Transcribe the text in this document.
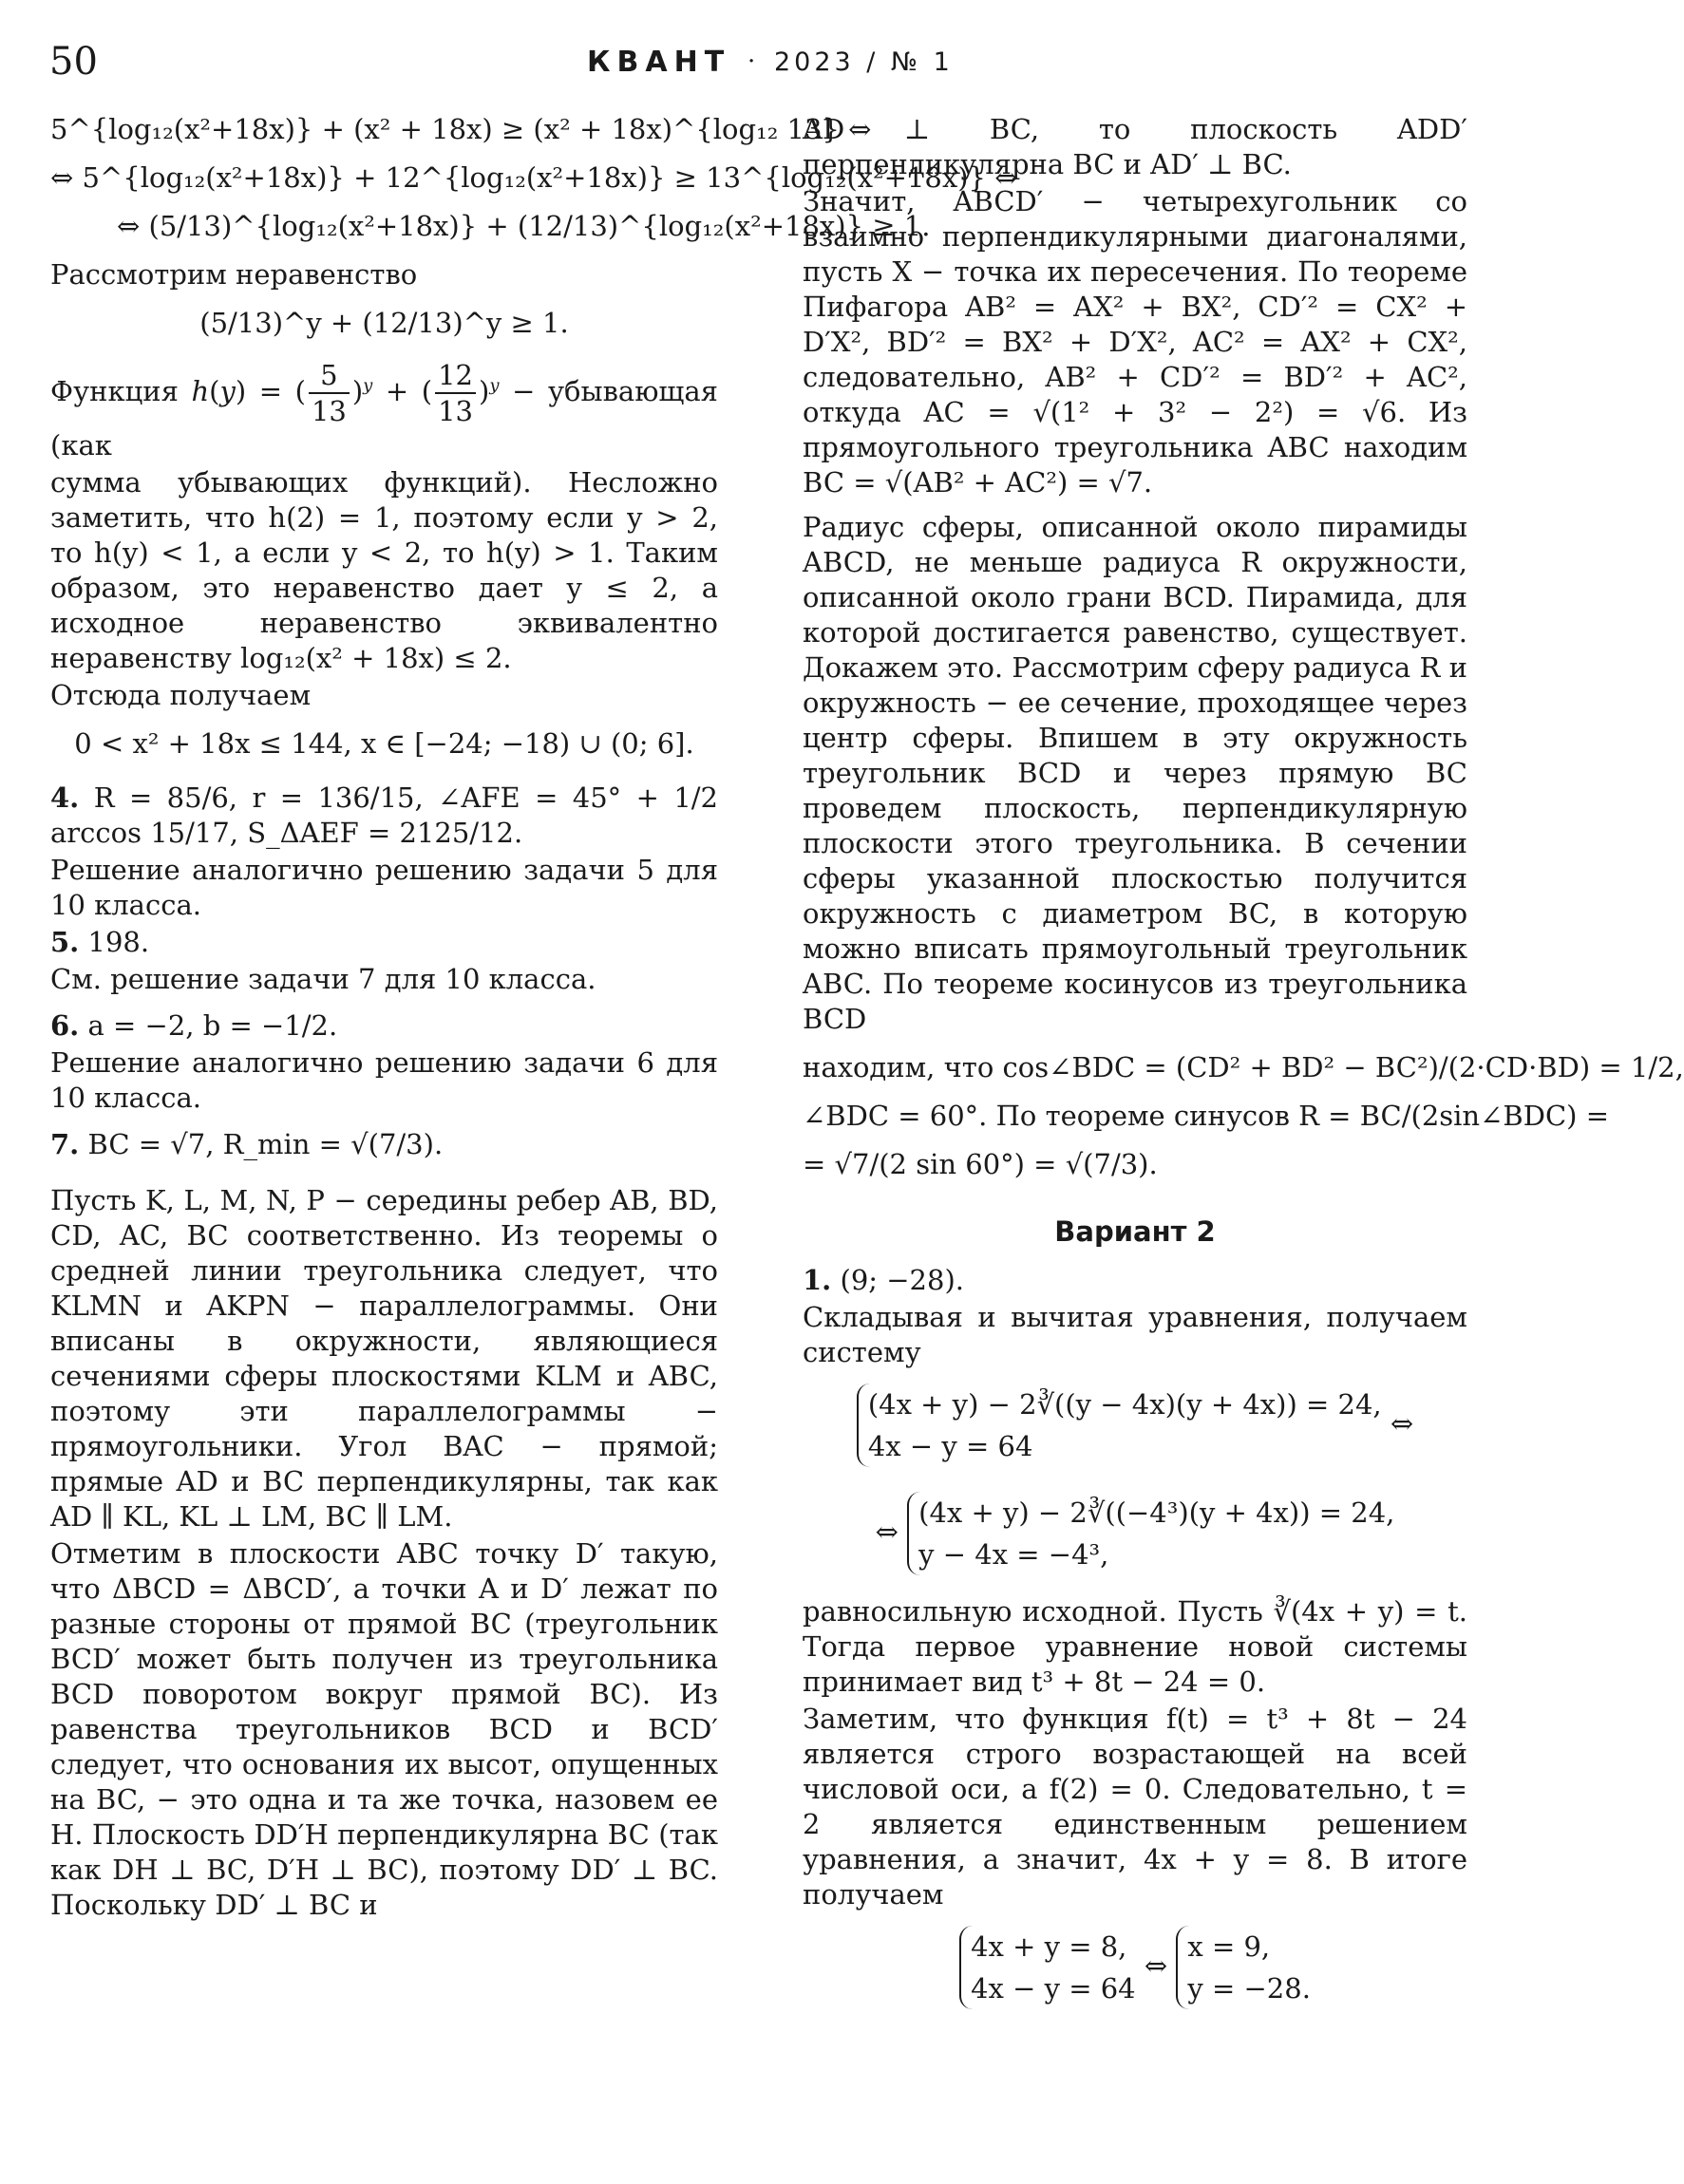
50	КВАНТ · 2023 / № 1
5^{log₁₂(x²+18x)} + (x² + 18x) ≥ (x² + 18x)^{log₁₂ 13} ⇔
⇔ 5^{log₁₂(x²+18x)} + 12^{log₁₂(x²+18x)} ≥ 13^{log₁₂(x²+18x)} ⇔
⇔ (5/13)^{log₁₂(x²+18x)} + (12/13)^{log₁₂(x²+18x)} ≥ 1.

Рассмотрим неравенство

(5/13)^y + (12/13)^y ≥ 1.

Функция h(y) = ( $\frac{5}{13} )^y$ + ( $\frac{12}{13} )^y$ − убывающая (как

сумма убывающих функций). Несложно заметить, что h(2) = 1, поэтому если y > 2, то h(y) < 1, а если y < 2, то h(y) > 1. Таким образом, это неравенство дает y ≤ 2, а исходное неравенство эквивалентно неравенству log₁₂(x² + 18x) ≤ 2.

Отсюда получаем

0 < x² + 18x ≤ 144, x ∈ [−24; −18) ∪ (0; 6].

4. R = 85/6, r = 136/15, ∠AFE = 45° + 1/2 arccos 15/17, S_ΔAEF = 2125/12.

Решение аналогично решению задачи 5 для 10 класса.

5. 198.

См. решение задачи 7 для 10 класса.

6. a = −2, b = −1/2.

Решение аналогично решению задачи 6 для 10 класса.

7. BC = √7, R_min = √(7/3).

Пусть K, L, M, N, P − середины ребер AB, BD, CD, AC, BC соответственно. Из теоремы о средней линии треугольника следует, что KLMN и AKPN − параллелограммы. Они вписаны в окружности, являющиеся сечениями сферы плоскостями KLM и ABC, поэтому эти параллелограммы − прямоугольники. Угол BAC − прямой; прямые AD и BC перпендикулярны, так как AD ∥ KL, KL ⊥ LM, BC ∥ LM.

Отметим в плоскости ABC точку D′ такую, что ΔBCD = ΔBCD′, а точки A и D′ лежат по разные стороны от прямой BC (треугольник BCD′ может быть получен из треугольника BCD поворотом вокруг прямой BC). Из равенства треугольников BCD и BCD′ следует, что основания их высот, опущенных на BC, − это одна и та же точка, назовем ее H. Плоскость DD′H перпендикулярна BC (так как DH ⊥ BC, D′H ⊥ BC), поэтому DD′ ⊥ BC. Поскольку DD′ ⊥ BC и

AD ⊥ BC, то плоскость ADD′ перпендикулярна BC и AD′ ⊥ BC.

Значит, ABCD′ − четырехугольник со взаимно перпендикулярными диагоналями, пусть X − точка их пересечения. По теореме Пифагора AB² = AX² + BX², CD′² = CX² + D′X², BD′² = BX² + D′X², AC² = AX² + CX², следовательно, AB² + CD′² = BD′² + AC², откуда AC = √(1² + 3² − 2²) = √6. Из прямоугольного треугольника ABC находим BC = √(AB² + AC²) = √7.

Радиус сферы, описанной около пирамиды ABCD, не меньше радиуса R окружности, описанной около грани BCD. Пирамида, для которой достигается равенство, существует. Докажем это. Рассмотрим сферу радиуса R и окружность − ее сечение, проходящее через центр сферы. Впишем в эту окружность треугольник BCD и через прямую BC проведем плоскость, перпендикулярную плоскости этого треугольника. В сечении сферы указанной плоскостью получится окружность с диаметром BC, в которую можно вписать прямоугольный треугольник ABC. По теореме косинусов из треугольника BCD

находим, что cos∠BDC = (CD² + BD² − BC²)/(2·CD·BD) = 1/2,
∠BDC = 60°. По теореме синусов R = BC/(2sin∠BDC) =
= √7/(2 sin 60°) = √(7/3).
Вариант 2

1. (9; −28).

Складывая и вычитая уравнения, получаем систему

(4x + y) − 2∛((y − 4x)(y + 4x)) = 24,
4x − y = 64 ⇔
⇔ (4x + y) − 2∛((−4³)(y + 4x)) = 24,
y − 4x = −4³,

равносильную исходной. Пусть ∛(4x + y) = t. Тогда первое уравнение новой системы принимает вид t³ + 8t − 24 = 0.

Заметим, что функция f(t) = t³ + 8t − 24 является строго возрастающей на всей числовой оси, а f(2) = 0. Следовательно, t = 2 является единственным решением уравнения, а значит, 4x + y = 8. В итоге получаем

4x + y = 8,
4x − y = 64 ⇔ x = 9,
y = −28.
